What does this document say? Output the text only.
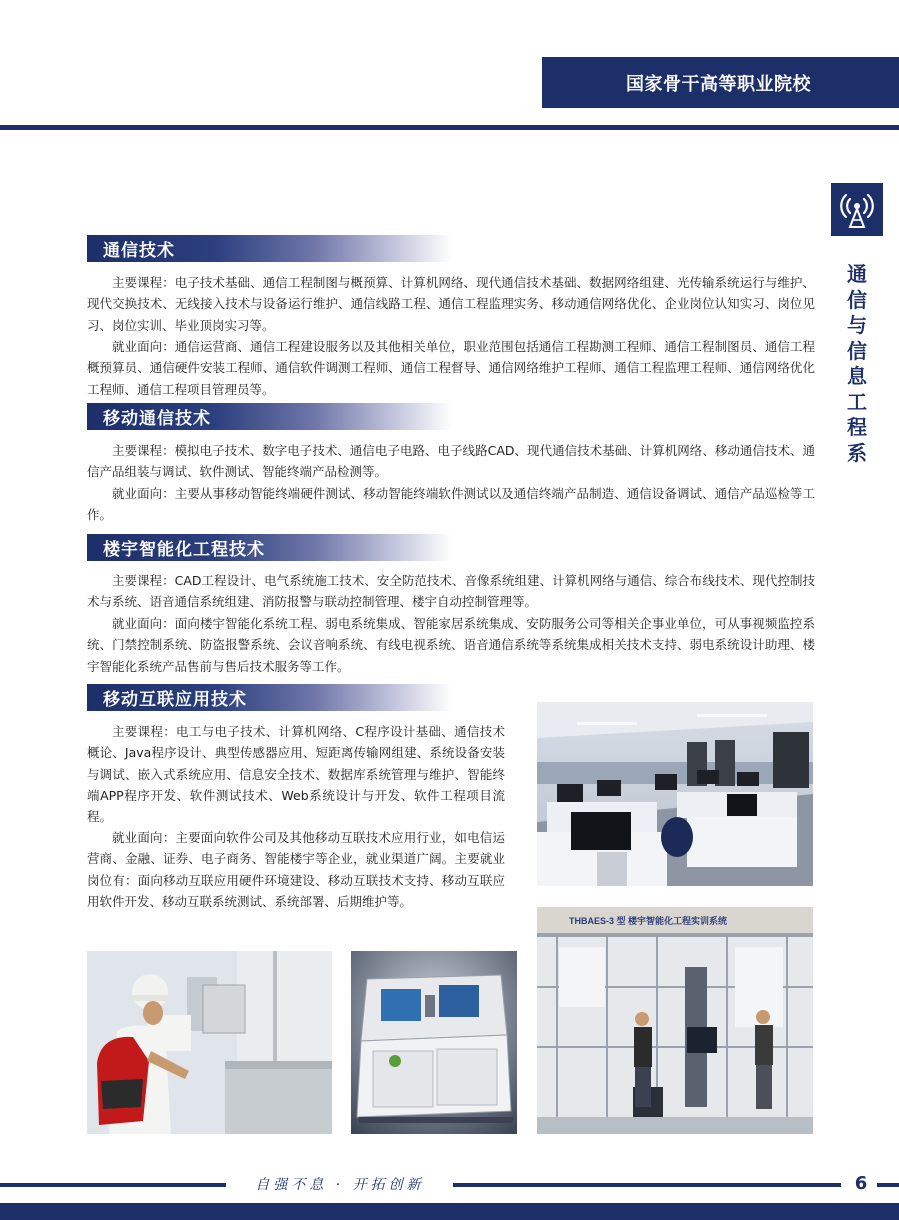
国家骨干高等职业院校
通
信
与
信
息
工
程
系
通信技术

主要课程：电子技术基础、通信工程制图与概预算、计算机网络、现代通信技术基础、数据网络组建、光传输系统运行与维护、现代交换技术、无线接入技术与设备运行维护、通信线路工程、通信工程监理实务、移动通信网络优化、企业岗位认知实习、岗位见习、岗位实训、毕业顶岗实习等。

就业面向：通信运营商、通信工程建设服务以及其他相关单位，职业范围包括通信工程勘测工程师、通信工程制图员、通信工程概预算员、通信硬件安装工程师、通信软件调测工程师、通信工程督导、通信网络维护工程师、通信工程监理工程师、通信网络优化工程师、通信工程项目管理员等。

移动通信技术

主要课程：模拟电子技术、数字电子技术、通信电子电路、电子线路CAD、现代通信技术基础、计算机网络、移动通信技术、通信产品组装与调试、软件测试、智能终端产品检测等。

就业面向：主要从事移动智能终端硬件测试、移动智能终端软件测试以及通信终端产品制造、通信设备调试、通信产品巡检等工作。

楼宇智能化工程技术

主要课程：CAD工程设计、电气系统施工技术、安全防范技术、音像系统组建、计算机网络与通信、综合布线技术、现代控制技术与系统、语音通信系统组建、消防报警与联动控制管理、楼宇自动控制管理等。

就业面向：面向楼宇智能化系统工程、弱电系统集成、智能家居系统集成、安防服务公司等相关企事业单位，可从事视频监控系统、门禁控制系统、防盗报警系统、会议音响系统、有线电视系统、语音通信系统等系统集成相关技术支持、弱电系统设计助理、楼宇智能化系统产品售前与售后技术服务等工作。

移动互联应用技术

主要课程：电工与电子技术、计算机网络、C程序设计基础、通信技术概论、Java程序设计、典型传感器应用、短距离传输网组建、系统设备安装与调试、嵌入式系统应用、信息安全技术、数据库系统管理与维护、智能终端APP程序开发、软件测试技术、Web系统设计与开发、软件工程项目流程。

就业面向：主要面向软件公司及其他移动互联技术应用行业，如电信运营商、金融、证券、电子商务、智能楼宇等企业，就业渠道广阔。主要就业岗位有：面向移动互联应用硬件环境建设、移动互联技术支持、移动互联应用软件开发、移动互联系统测试、系统部署、后期维护等。

THBAES-3 型 楼宇智能化工程实训系统
自强不息 · 开拓创新	6
